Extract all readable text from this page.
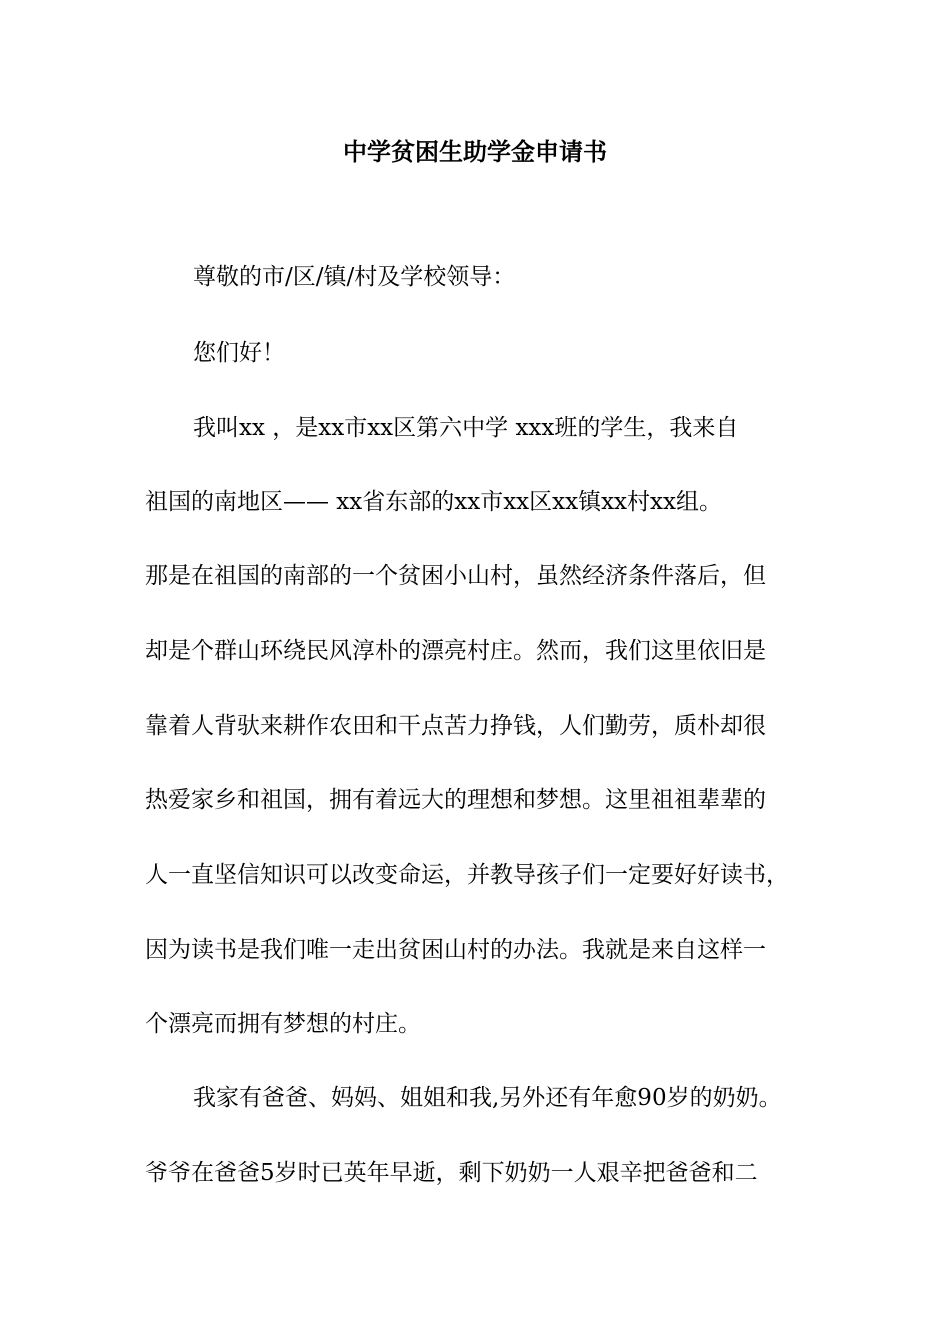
中学贫困生助学金申请书
尊敬的市/区/镇/村及学校领导：
您们好！
我叫xx ，是xx市xx区第六中学 xxx班的学生，我来自
祖国的南地区—— xx省东部的xx市xx区xx镇xx村xx组。
那是在祖国的南部的一个贫困小山村，虽然经济条件落后，但
却是个群山环绕民风淳朴的漂亮村庄。然而，我们这里依旧是
靠着人背驮来耕作农田和干点苦力挣钱，人们勤劳，质朴却很
热爱家乡和祖国，拥有着远大的理想和梦想。这里祖祖辈辈的
人一直坚信知识可以改变命运，并教导孩子们一定要好好读书，
因为读书是我们唯一走出贫困山村的办法。我就是来自这样一
个漂亮而拥有梦想的村庄。
我家有爸爸、妈妈、姐姐和我,另外还有年愈90岁的奶奶。
爷爷在爸爸5岁时已英年早逝，剩下奶奶一人艰辛把爸爸和二
